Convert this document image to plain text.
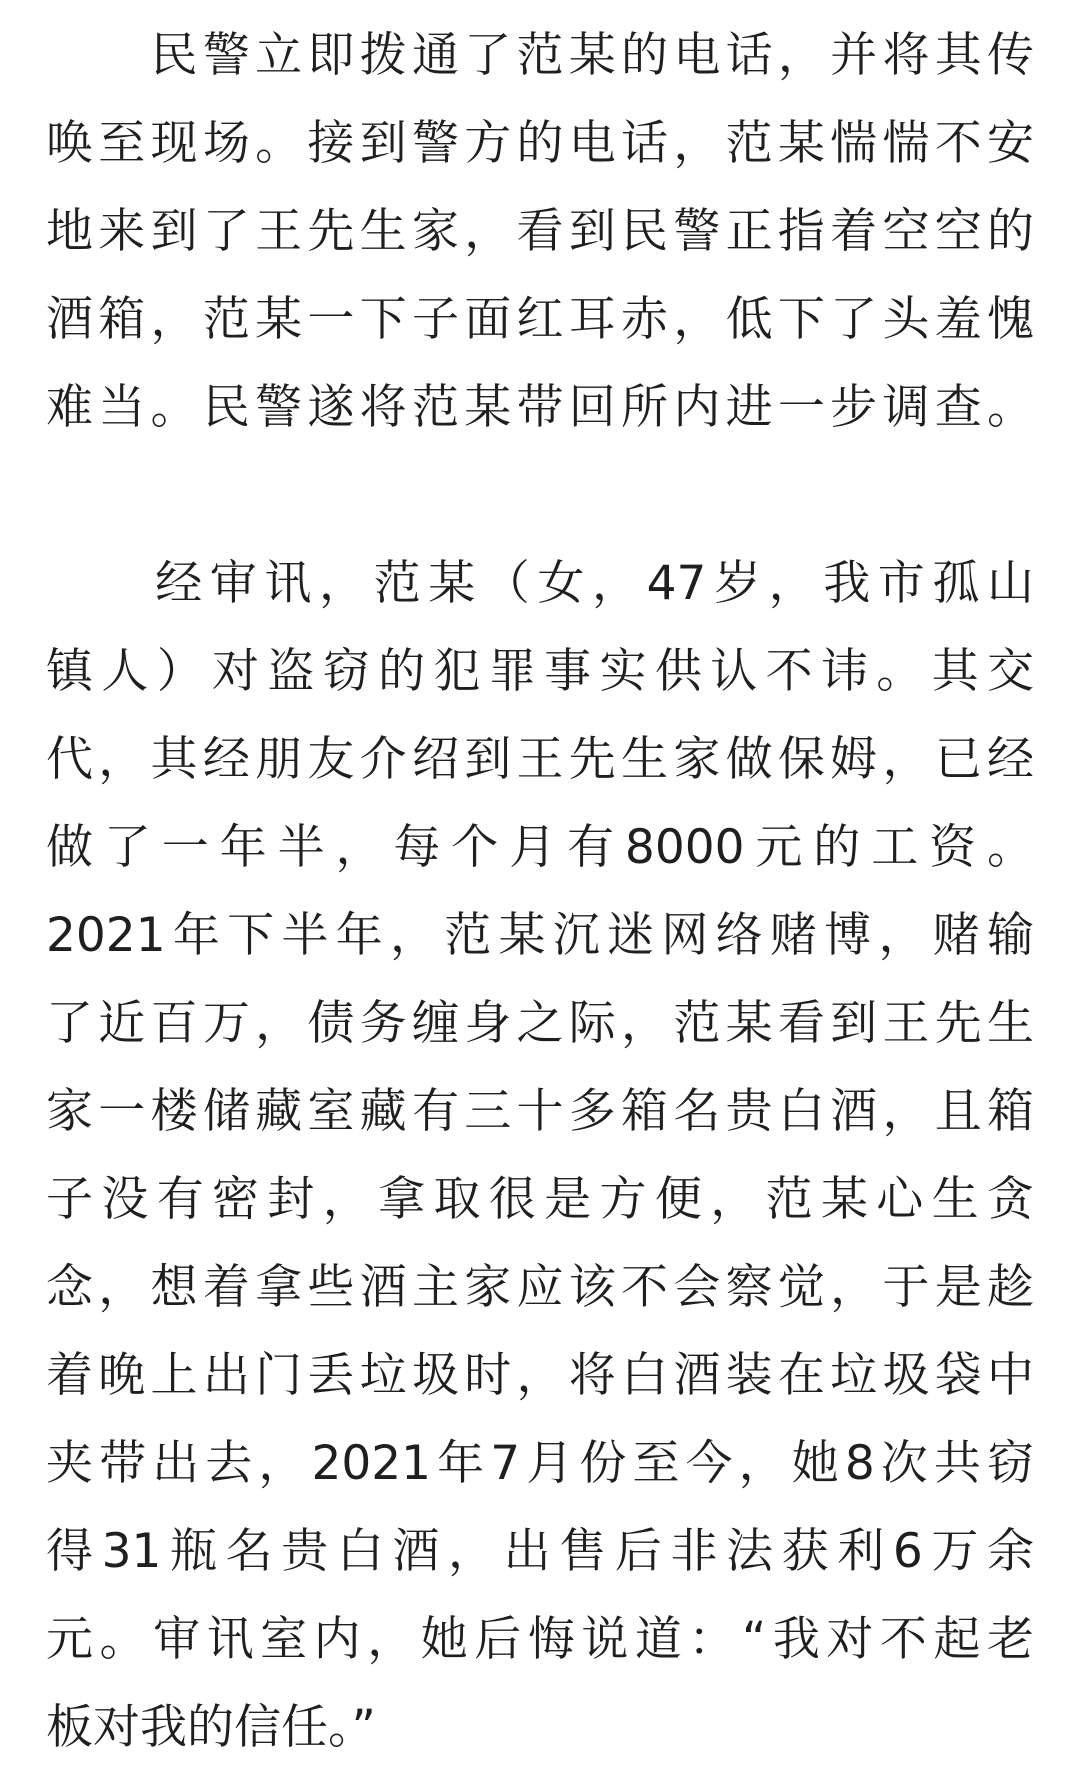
　　民警立即拨通了范某的电话，并将其传
唤至现场。接到警方的电话，范某惴惴不安
地来到了王先生家，看到民警正指着空空的
酒箱，范某一下子面红耳赤，低下了头羞愧
难当。民警遂将范某带回所内进一步调查。
　　经审讯，范某（女，47岁，我市孤山
镇人）对盗窃的犯罪事实供认不讳。其交
代，其经朋友介绍到王先生家做保姆，已经
做了一年半，每个月有8000元的工资。
2021年下半年，范某沉迷网络赌博，赌输
了近百万，债务缠身之际，范某看到王先生
家一楼储藏室藏有三十多箱名贵白酒，且箱
子没有密封，拿取很是方便，范某心生贪
念，想着拿些酒主家应该不会察觉，于是趁
着晚上出门丢垃圾时，将白酒装在垃圾袋中
夹带出去，2021年7月份至今，她8次共窃
得31瓶名贵白酒，出售后非法获利6万余
元。审讯室内，她后悔说道：“我对不起老
板对我的信任。”
